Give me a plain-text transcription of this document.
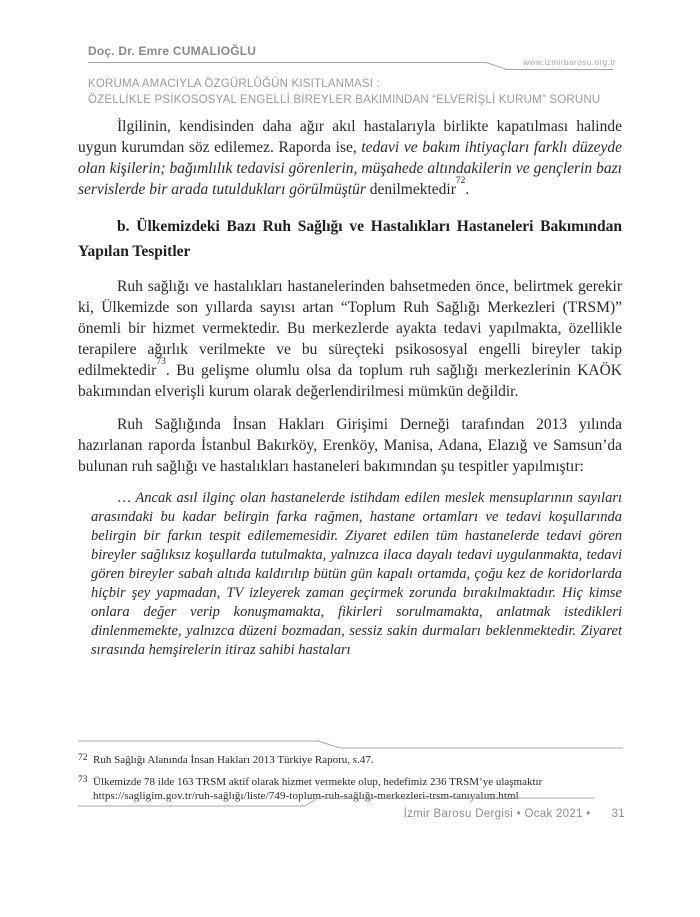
Doç. Dr. Emre CUMALIOĞLU
www.izmirbarosu.org.tr
KORUMA AMACIYLA ÖZGÜRLÜĞÜN KISITLANMASI :
ÖZELLİKLE PSİKOSOSYAL ENGELLİ BİREYLER BAKIMINDAN “ELVERİŞLİ KURUM” SORUNU

İlgilinin, kendisinden daha ağır akıl hastalarıyla birlikte kapatılması halinde uygun kurumdan söz edilemez. Raporda ise, tedavi ve bakım ihtiyaçları farklı düzeyde olan kişilerin; bağımlılık tedavisi görenlerin, müşahede altındakilerin ve gençlerin bazı servislerde bir arada tutuldukları görülmüştür denilmektedir$^{72}$.

b. Ülkemizdeki Bazı Ruh Sağlığı ve Hastalıkları Hastaneleri Bakımından Yapılan Tespitler

Ruh sağlığı ve hastalıkları hastanelerinden bahsetmeden önce, belirtmek gerekir ki, Ülkemizde son yıllarda sayısı artan “Toplum Ruh Sağlığı Merkezleri (TRSM)” önemli bir hizmet vermektedir. Bu merkezlerde ayakta tedavi yapılmakta, özellikle terapilere ağırlık verilmekte ve bu süreçteki psikososyal engelli bireyler takip edilmektedir$^{73}$. Bu gelişme olumlu olsa da toplum ruh sağlığı merkezlerinin KAÖK bakımından elverişli kurum olarak değerlendirilmesi mümkün değildir.

Ruh Sağlığında İnsan Hakları Girişimi Derneği tarafından 2013 yılında hazırlanan raporda İstanbul Bakırköy, Erenköy, Manisa, Adana, Elazığ ve Samsun’da bulunan ruh sağlığı ve hastalıkları hastaneleri bakımından şu tespitler yapılmıştır:

… Ancak asıl ilginç olan hastanelerde istihdam edilen meslek mensuplarının sayıları arasındaki bu kadar belirgin farka rağmen, hastane ortamları ve tedavi koşullarında belirgin bir farkın tespit edilememesidir. Ziyaret edilen tüm hastanelerde tedavi gören bireyler sağlıksız koşullarda tutulmakta, yalnızca ilaca dayalı tedavi uygulanmakta, tedavi gören bireyler sabah altıda kaldırılıp bütün gün kapalı ortamda, çoğu kez de koridorlarda hiçbir şey yapmadan, TV izleyerek zaman geçirmek zorunda bırakılmaktadır. Hiç kimse onlara değer verip konuşmamakta, fikirleri sorulmamakta, anlatmak istedikleri dinlenmemekte, yalnızca düzeni bozmadan, sessiz sakin durmaları beklenmektedir. Ziyaret sırasında hemşirelerin itiraz sahibi hastaları

72 Ruh Sağlığı Alanında İnsan Hakları 2013 Türkiye Raporu, s.47.
73 Ülkemizde 78 ilde 163 TRSM aktif olarak hizmet vermekte olup, hedefimiz 236 TRSM’ye ulaşmaktır
https://sagligim.gov.tr/ruh-sağlığı/liste/749-toplum-ruh-sağlığı-merkezleri-trsm-tanıyalım.html
İzmir Barosu Dergisi • Ocak 2021 • 31
